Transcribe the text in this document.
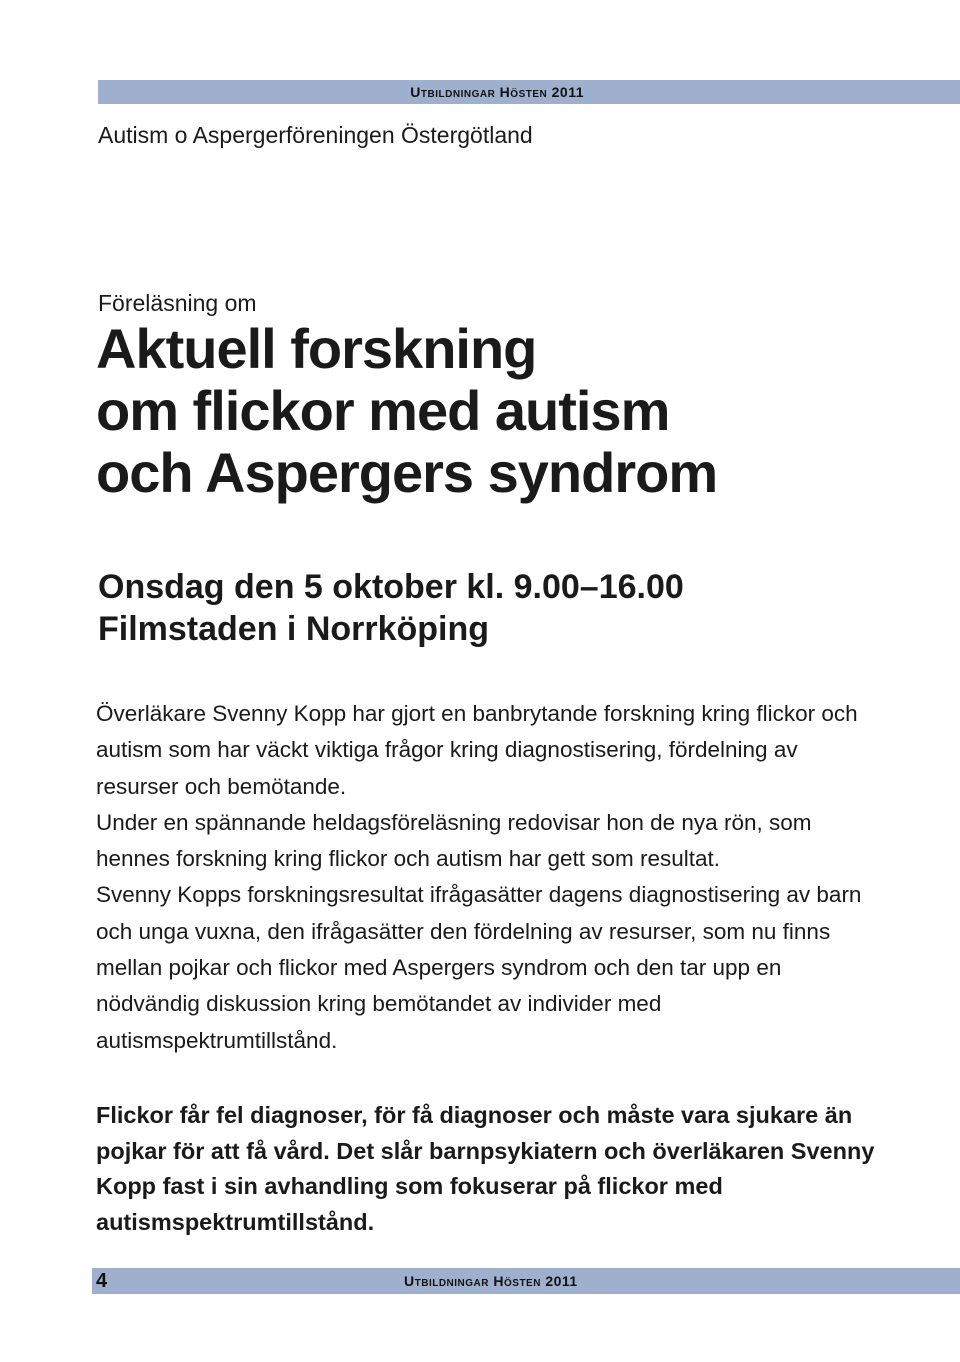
Utbildningar Hösten 2011
Autism o Aspergerföreningen Östergötland
Föreläsning om
Aktuell forskning
om flickor med autism
och Aspergers syndrom
Onsdag den 5 oktober kl. 9.00–16.00
Filmstaden i Norrköping

Överläkare Svenny Kopp har gjort en banbrytande forskning kring flickor och autism som har väckt viktiga frågor kring diagnostisering, fördelning av resurser och bemötande.

Under en spännande heldagsföreläsning redovisar hon de nya rön, som hennes forskning kring flickor och autism har gett som resultat.

Svenny Kopps forskningsresultat ifrågasätter dagens diagnostisering av barn och unga vuxna, den ifrågasätter den fördelning av resurser, som nu finns mellan pojkar och flickor med Aspergers syndrom och den tar upp en nödvändig diskussion kring bemötandet av individer med autismspektrumtillstånd.

Flickor får fel diagnoser, för få diagnoser och måste vara sjukare än pojkar för att få vård. Det slår barnpsykiatern och överläkaren Svenny Kopp fast i sin avhandling som fokuserar på flickor med autismspektrumtillstånd.
4	Utbildningar Hösten 2011
